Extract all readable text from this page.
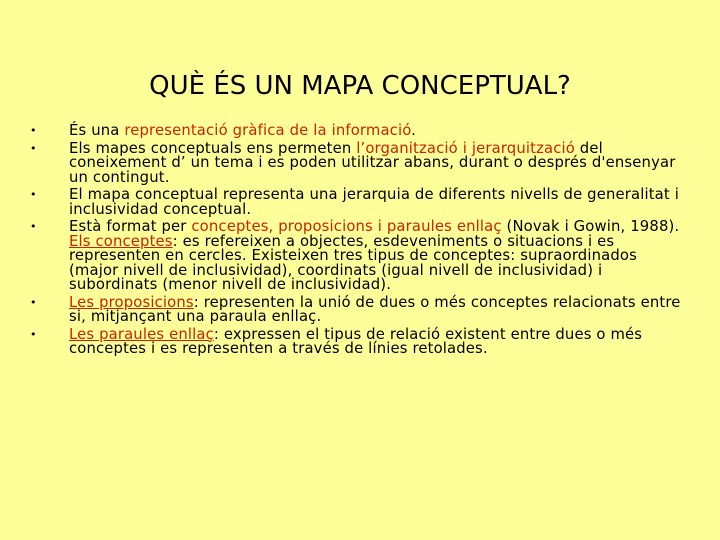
QUÈ ÉS UN MAPA CONCEPTUAL?
• És una representació gràfica de la informació.
• Els mapes conceptuals ens permeten l’organització i jerarquització del coneixement d’ un tema i es poden utilitzar abans, durant o després d'ensenyar un contingut.
• El mapa conceptual representa una jerarquia de diferents nivells de generalitat i inclusividad conceptual.
• Està format per conceptes, proposicions i paraules enllaç (Novak i Gowin, 1988). Els conceptes: es refereixen a objectes, esdeveniments o situacions i es representen en cercles. Existeixen tres tipus de conceptes: supraordinados (major nivell de inclusividad), coordinats (igual nivell de inclusividad) i subordinats (menor nivell de inclusividad).
• Les proposicions: representen la unió de dues o més conceptes relacionats entre si, mitjançant una paraula enllaç.
• Les paraules enllaç: expressen el tipus de relació existent entre dues o més conceptes i es representen a través de línies retolades.
